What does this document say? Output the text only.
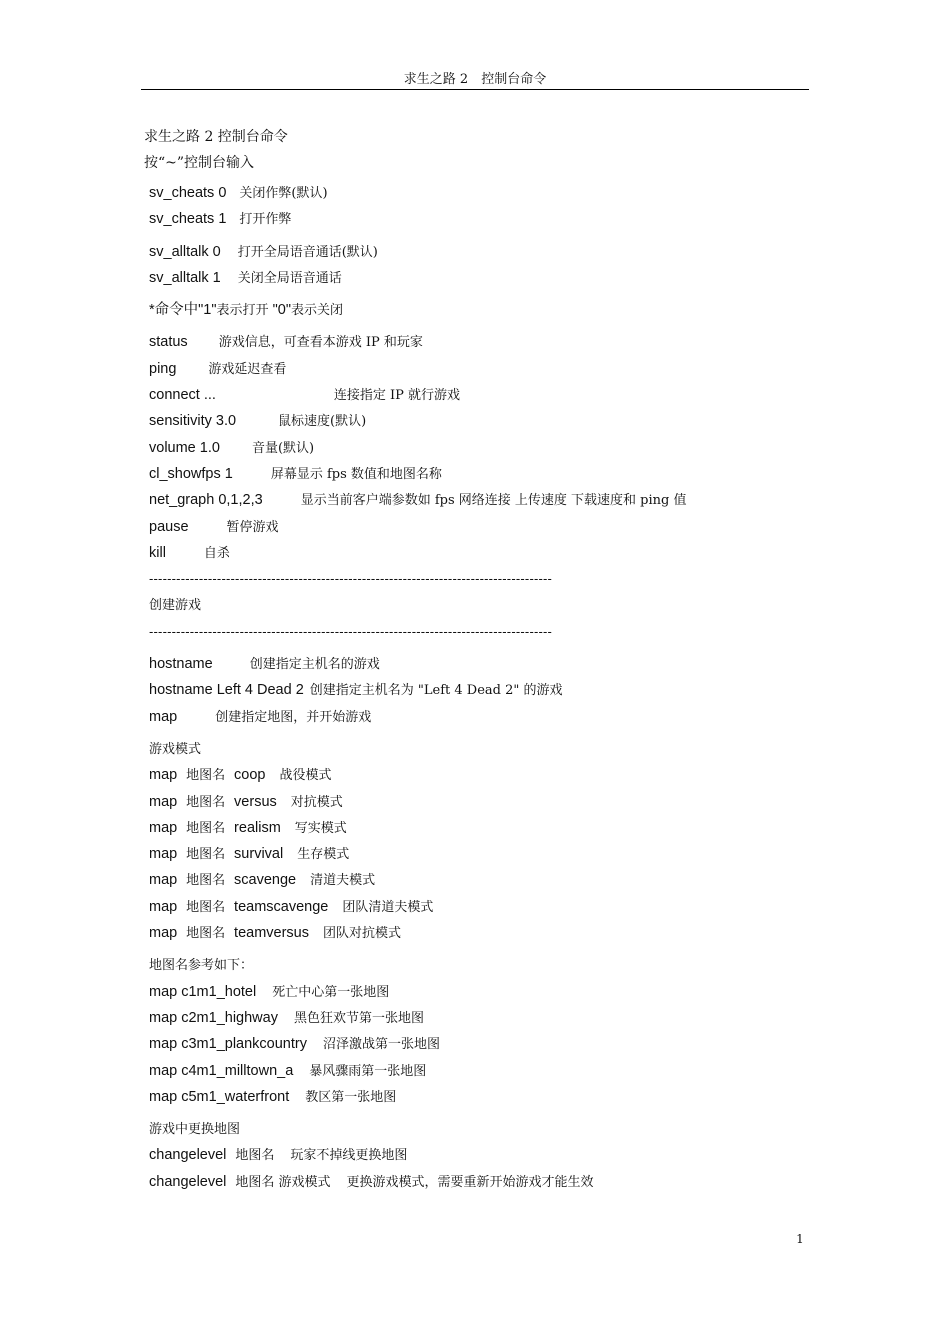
求生之路 2　控制台命令
求生之路 2 控制台命令
按“~”控制台输入
sv_cheats 0 关闭作弊(默认)
sv_cheats 1 打开作弊
sv_alltalk 0 打开全局语音通话(默认)
sv_alltalk 1 关闭全局语音通话
*命令中"1"表示打开 "0"表示关闭
status 游戏信息，可查看本游戏 IP 和玩家
ping 游戏延迟查看
connect ...	连接指定 IP 就行游戏
sensitivity 3.0	鼠标速度(默认)
volume 1.0 音量(默认)
cl_showfps 1	屏幕显示 fps 数值和地图名称
net_graph 0,1,2,3	显示当前客户端参数如 fps 网络连接 上传速度 下载速度和 ping 值
pause	暂停游戏
kill	自杀
-----------------------------------------------------------------------------------------
创建游戏
-----------------------------------------------------------------------------------------
hostname	创建指定主机名的游戏
hostname Left 4 Dead 2 创建指定主机名为 "Left 4 Dead 2" 的游戏
map	创建指定地图，并开始游戏
游戏模式
map 地图名 coop 战役模式
map 地图名 versus 对抗模式
map 地图名 realism 写实模式
map 地图名 survival 生存模式
map 地图名 scavenge 清道夫模式
map 地图名 teamscavenge 团队清道夫模式
map 地图名 teamversus 团队对抗模式
地图名参考如下：
map c1m1_hotel 死亡中心第一张地图
map c2m1_highway 黑色狂欢节第一张地图
map c3m1_plankcountry 沼泽激战第一张地图
map c4m1_milltown_a 暴风骤雨第一张地图
map c5m1_waterfront 教区第一张地图
游戏中更换地图
changelevel 地图名 玩家不掉线更换地图
changelevel 地图名 游戏模式 更换游戏模式，需要重新开始游戏才能生效
1
